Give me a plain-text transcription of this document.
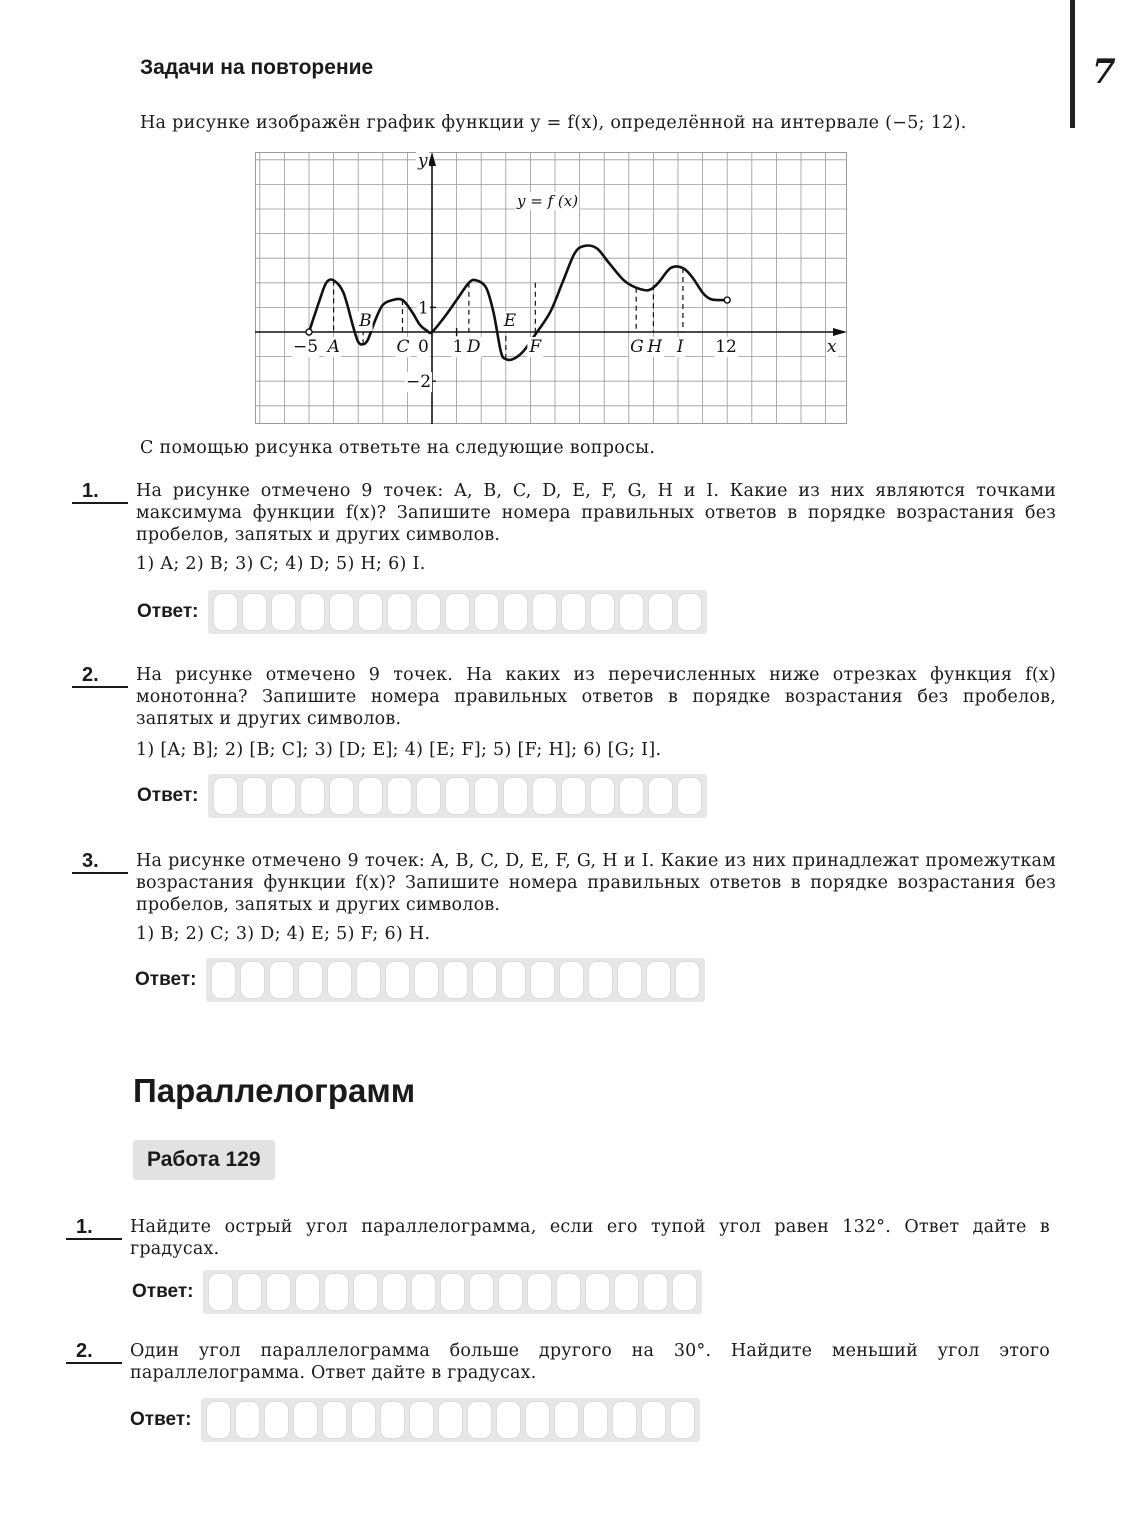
7
Задачи на повторение
На рисунке изображён график функции y = f(x), определённой на интервале (−5; 12).
−5	0 1	12
1
−2
x
y
y = f (x)
A
B
C	D
E
F	G H I
С помощью рисунка ответьте на следующие вопросы.
1.	На рисунке отмечено 9 точек: A, B, C, D, E, F, G, H и I. Какие из них являются точками максимума функции f(x)? Запишите номера правильных ответов в порядке возрастания без пробелов, запятых и других символов.
1) A; 2) B; 3) C; 4) D; 5) H; 6) I.
Ответ:
2.	На рисунке отмечено 9 точек. На каких из перечисленных ниже отрезках функция f(x) монотонна? Запишите номера правильных ответов в порядке возрастания без пробелов, запятых и других символов.
1) [A; B]; 2) [B; C]; 3) [D; E]; 4) [E; F]; 5) [F; H]; 6) [G; I].
Ответ:
3.	На рисунке отмечено 9 точек: A, B, C, D, E, F, G, H и I. Какие из них принадлежат промежуткам возрастания функции f(x)? Запишите номера правильных ответов в порядке возрастания без пробелов, запятых и других символов.
1) B; 2) C; 3) D; 4) E; 5) F; 6) H.
Ответ:
Параллелограмм
Работа 129
1.	Найдите острый угол параллелограмма, если его тупой угол равен 132°. Ответ дайте в градусах.
Ответ:
2.	Один угол параллелограмма больше другого на 30°. Найдите меньший угол этого параллелограмма. Ответ дайте в градусах.
Ответ:
